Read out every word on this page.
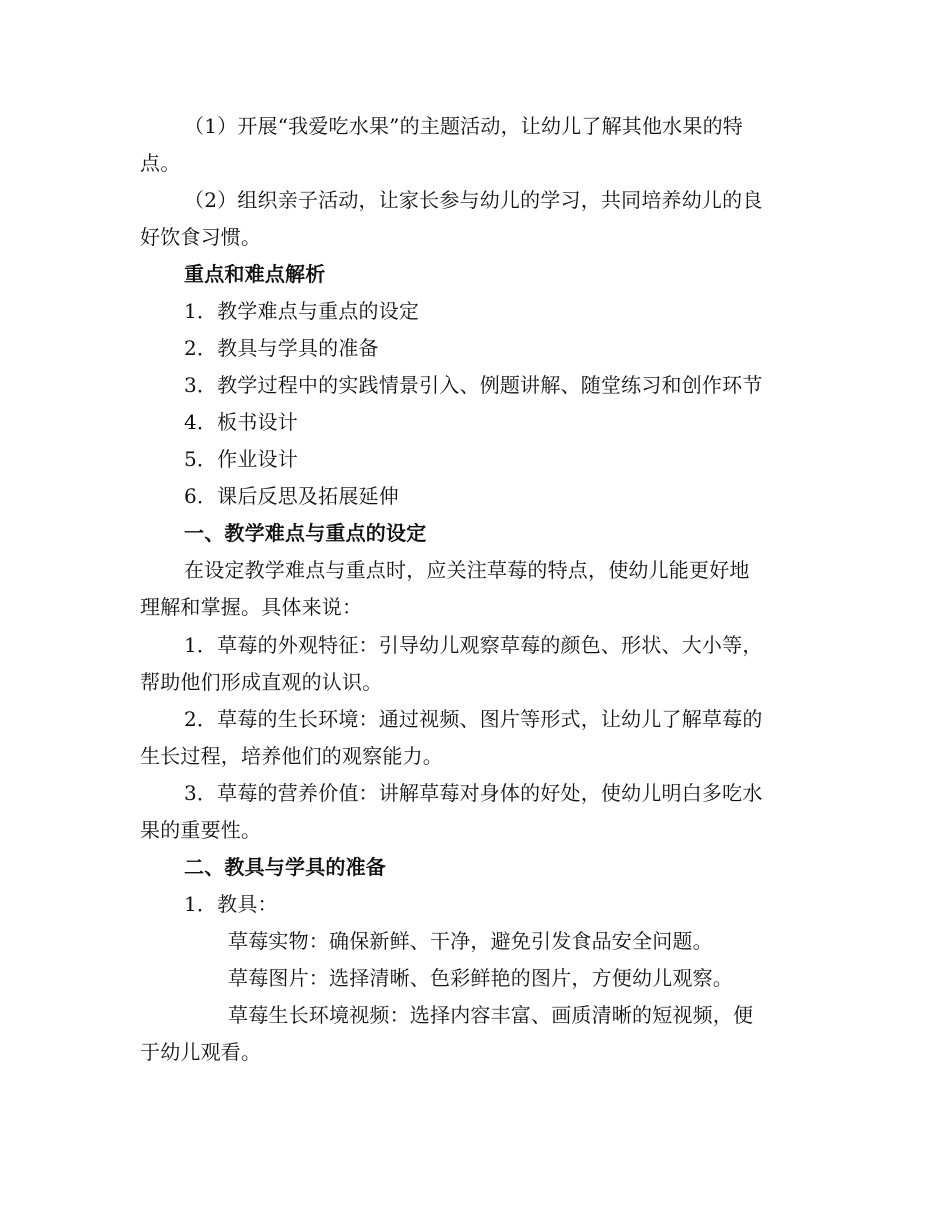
（1）开展“我爱吃水果”的主题活动，让幼儿了解其他水果的特
点。
（2）组织亲子活动，让家长参与幼儿的学习，共同培养幼儿的良
好饮食习惯。
重点和难点解析
1．教学难点与重点的设定
2．教具与学具的准备
3．教学过程中的实践情景引入、例题讲解、随堂练习和创作环节
4．板书设计
5．作业设计
6．课后反思及拓展延伸
一、教学难点与重点的设定
在设定教学难点与重点时，应关注草莓的特点，使幼儿能更好地
理解和掌握。具体来说：
1．草莓的外观特征：引导幼儿观察草莓的颜色、形状、大小等，
帮助他们形成直观的认识。
2．草莓的生长环境：通过视频、图片等形式，让幼儿了解草莓的
生长过程，培养他们的观察能力。
3．草莓的营养价值：讲解草莓对身体的好处，使幼儿明白多吃水
果的重要性。
二、教具与学具的准备
1．教具：
草莓实物：确保新鲜、干净，避免引发食品安全问题。
草莓图片：选择清晰、色彩鲜艳的图片，方便幼儿观察。
草莓生长环境视频：选择内容丰富、画质清晰的短视频，便
于幼儿观看。
